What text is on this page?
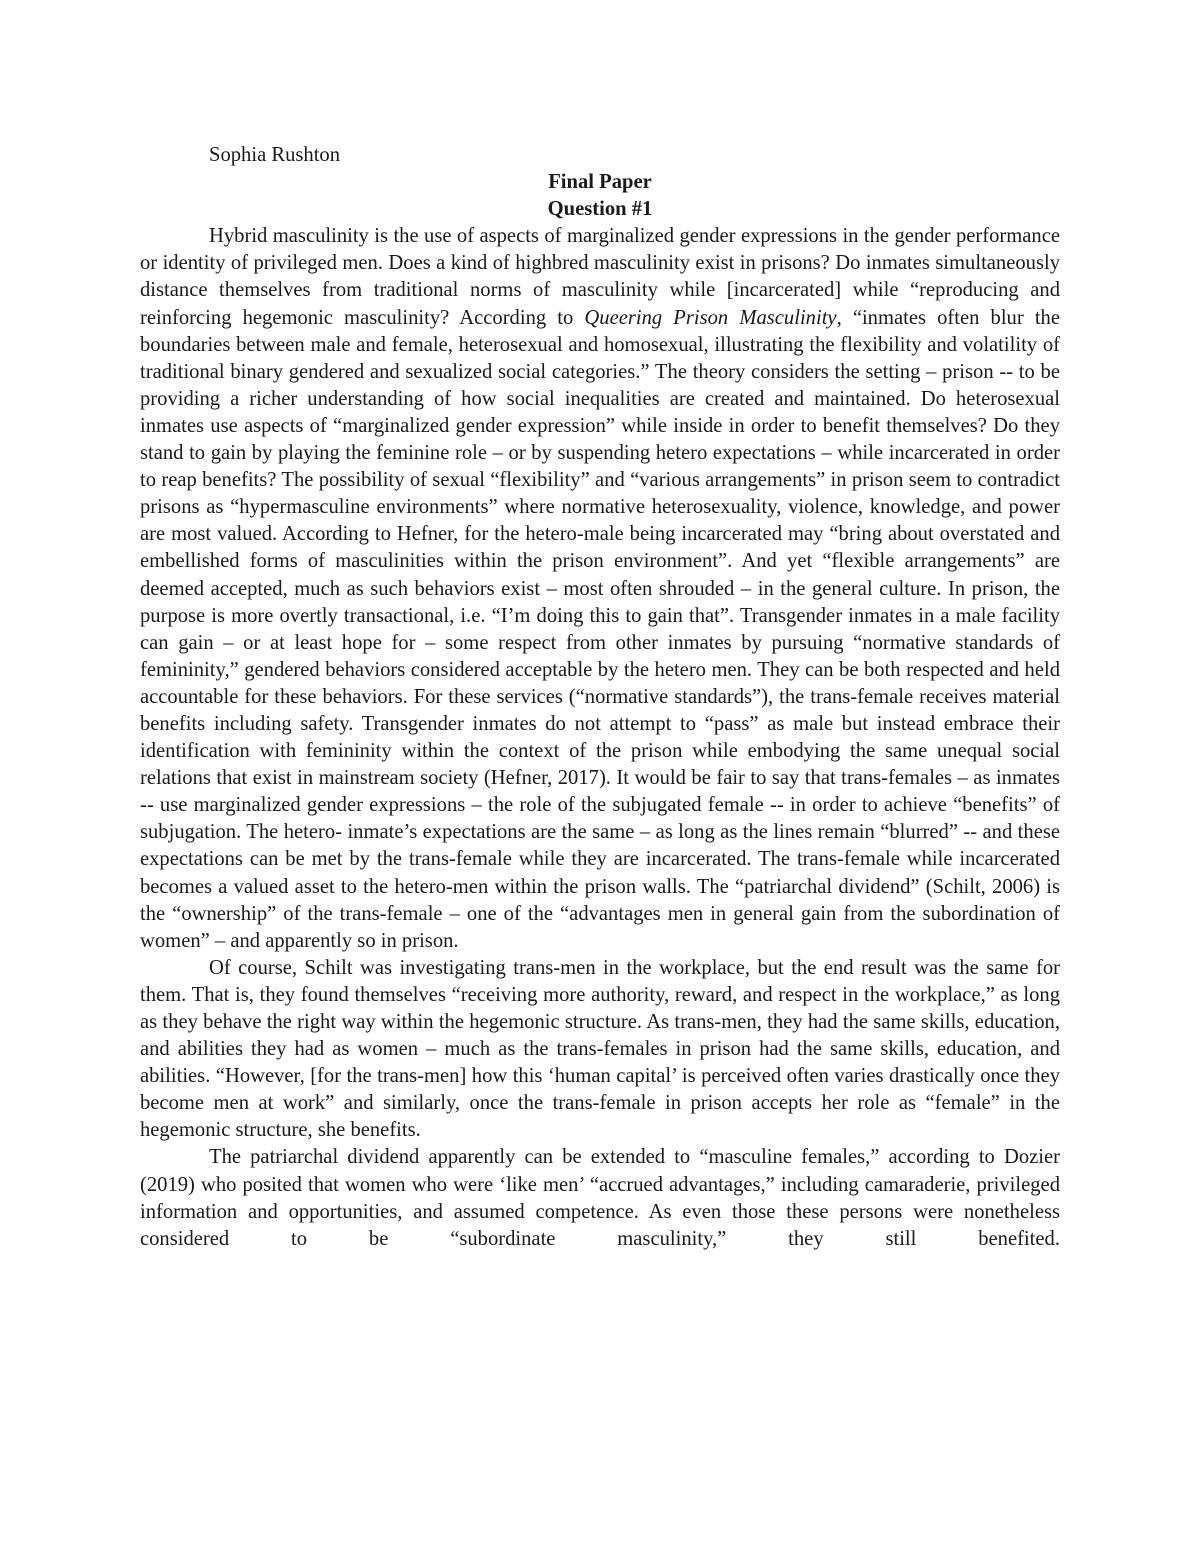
Sophia Rushton

Final Paper

Question #1

Hybrid masculinity is the use of aspects of marginalized gender expressions in the gender performance or identity of privileged men. Does a kind of highbred masculinity exist in prisons? Do inmates simultaneously distance themselves from traditional norms of masculinity while [incarcerated] while “reproducing and reinforcing hegemonic masculinity? According to Queering Prison Masculinity, “inmates often blur the boundaries between male and female, heterosexual and homosexual, illustrating the flexibility and volatility of traditional binary gendered and sexualized social categories.” The theory considers the setting – prison -- to be providing a richer understanding of how social inequalities are created and maintained. Do heterosexual inmates use aspects of “marginalized gender expression” while inside in order to benefit themselves? Do they stand to gain by playing the feminine role – or by suspending hetero expectations – while incarcerated in order to reap benefits? The possibility of sexual “flexibility” and “various arrangements” in prison seem to contradict prisons as “hypermasculine environments” where normative heterosexuality, violence, knowledge, and power are most valued. According to Hefner, for the hetero-male being incarcerated may “bring about overstated and embellished forms of masculinities within the prison environment”. And yet “flexible arrangements” are deemed accepted, much as such behaviors exist – most often shrouded – in the general culture. In prison, the purpose is more overtly transactional, i.e. “I’m doing this to gain that”. Transgender inmates in a male facility can gain – or at least hope for – some respect from other inmates by pursuing “normative standards of femininity,” gendered behaviors considered acceptable by the hetero men. They can be both respected and held accountable for these behaviors. For these services (“normative standards”), the trans-female receives material benefits including safety. Transgender inmates do not attempt to “pass” as male but instead embrace their identification with femininity within the context of the prison while embodying the same unequal social relations that exist in mainstream society (Hefner, 2017). It would be fair to say that trans-females – as inmates -- use marginalized gender expressions – the role of the subjugated female -- in order to achieve “benefits” of subjugation. The hetero- inmate’s expectations are the same – as long as the lines remain “blurred” -- and these expectations can be met by the trans-female while they are incarcerated. The trans-female while incarcerated becomes a valued asset to the hetero-men within the prison walls. The “patriarchal dividend” (Schilt, 2006) is the “ownership” of the trans-female – one of the “advantages men in general gain from the subordination of women” – and apparently so in prison.

Of course, Schilt was investigating trans-men in the workplace, but the end result was the same for them. That is, they found themselves “receiving more authority, reward, and respect in the workplace,” as long as they behave the right way within the hegemonic structure. As trans-men, they had the same skills, education, and abilities they had as women – much as the trans-females in prison had the same skills, education, and abilities. “However, [for the trans-men] how this ‘human capital’ is perceived often varies drastically once they become men at work” and similarly, once the trans-female in prison accepts her role as “female” in the hegemonic structure, she benefits.

The patriarchal dividend apparently can be extended to “masculine females,” according to Dozier (2019) who posited that women who were ‘like men’ “accrued advantages,” including camaraderie, privileged information and opportunities, and assumed competence. As even those these persons were nonetheless considered to be “subordinate masculinity,” they still benefited.
